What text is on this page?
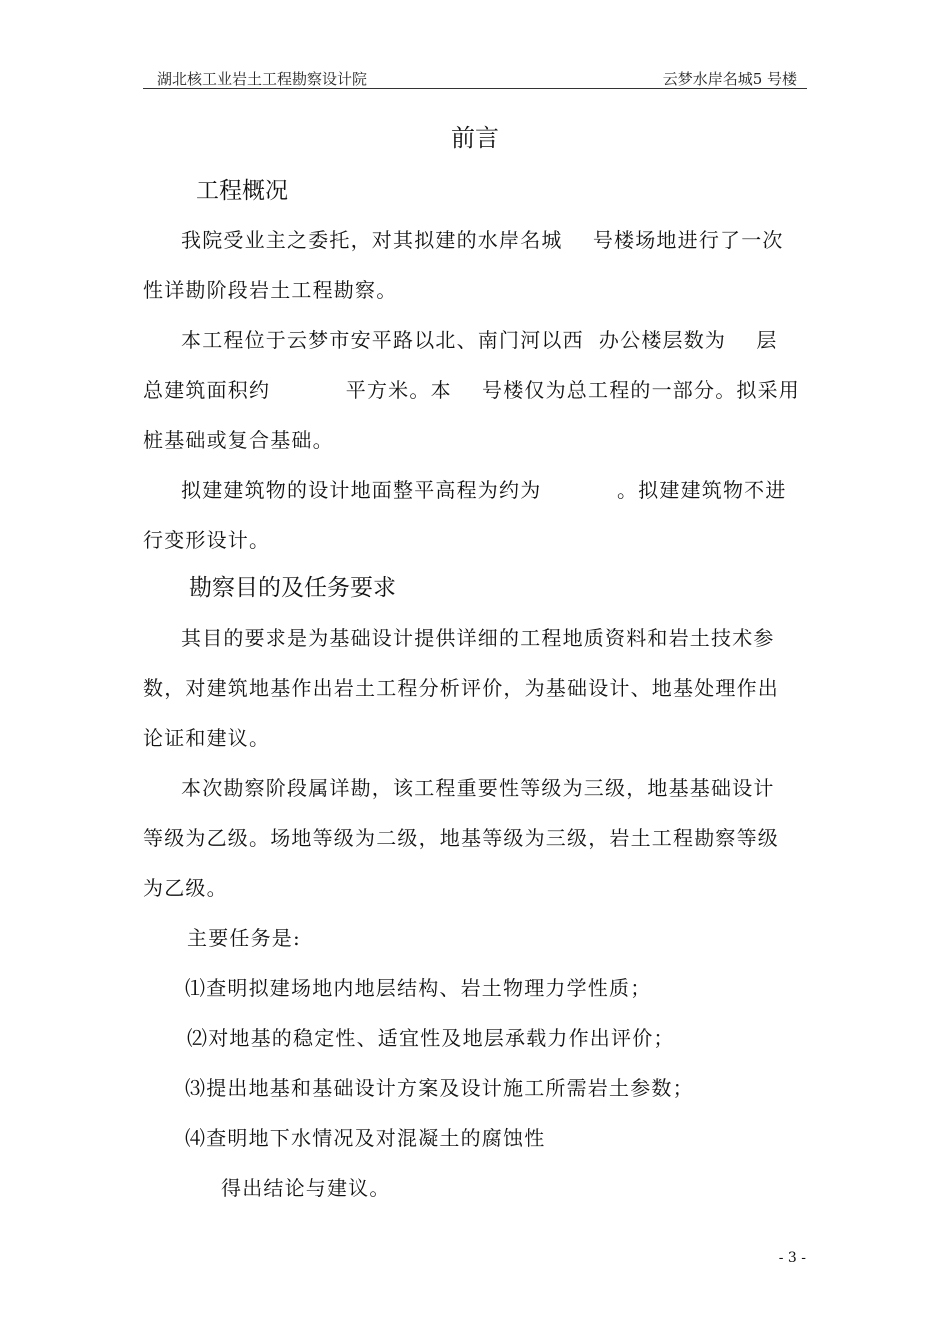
湖北核工业岩土工程勘察设计院	云梦水岸名城5 号楼
前言
工程概况
我院受业主之委托，对其拟建的水岸名城    号楼场地进行了一次
性详勘阶段岩土工程勘察。
本工程位于云梦市安平路以北、南门河以西  办公楼层数为    层
总建筑面积约          平方米。本    号楼仅为总工程的一部分。拟采用
桩基础或复合基础。
拟建建筑物的设计地面整平高程为约为          。拟建建筑物不进
行变形设计。
勘察目的及任务要求
其目的要求是为基础设计提供详细的工程地质资料和岩土技术参
数，对建筑地基作出岩土工程分析评价，为基础设计、地基处理作出
论证和建议。
本次勘察阶段属详勘，该工程重要性等级为三级，地基基础设计
等级为乙级。场地等级为二级，地基等级为三级，岩土工程勘察等级
为乙级。
主要任务是:
⑴查明拟建场地内地层结构、岩土物理力学性质；
⑵对地基的稳定性、适宜性及地层承载力作出评价；
⑶提出地基和基础设计方案及设计施工所需岩土参数；
⑷查明地下水情况及对混凝土的腐蚀性
得出结论与建议。
- 3 -
